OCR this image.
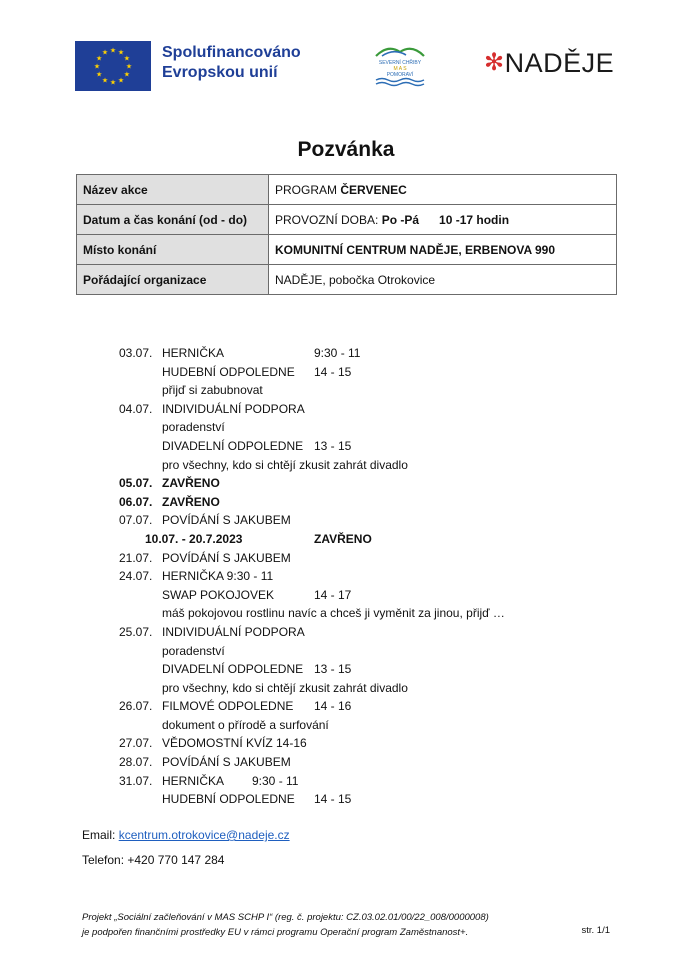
★ ★
★
★
★
★
★
★
★
★
★
★	Spolufinancováno
Evropskou unií
SEVERNÍ CHŘIBY
M A S
POMORAVÍ	✻NADĚJE
Pozvánka
Název akce	PROGRAM ČERVENEC
Datum a čas konání (od - do)	PROVOZNÍ DOBA: Po -Pá      10 -17 hodin
Místo konání	KOMUNITNÍ CENTRUM NADĚJE, ERBENOVA 990
Pořádající organizace	NADĚJE, pobočka Otrokovice
03.07. HERNIČKA	9:30 - 11
HUDEBNÍ ODPOLEDNE 14 - 15
přijď si zabubnovat
04.07. INDIVIDUÁLNÍ PODPORA
poradenství
DIVADELNÍ ODPOLEDNE 13 - 15
pro všechny, kdo si chtějí zkusit zahrát divadlo
05.07. ZAVŘENO
06.07. ZAVŘENO
07.07. POVÍDÁNÍ S JAKUBEM
10.07. - 20.7.2023	ZAVŘENO
21.07. POVÍDÁNÍ S JAKUBEM
24.07. HERNIČKA 9:30 - 11
SWAP POKOJOVEK	14 - 17
máš pokojovou rostlinu navíc a chceš ji vyměnit za jinou, přijď …
25.07. INDIVIDUÁLNÍ PODPORA
poradenství
DIVADELNÍ ODPOLEDNE 13 - 15
pro všechny, kdo si chtějí zkusit zahrát divadlo
26.07. FILMOVÉ ODPOLEDNE 14 - 16
dokument o přírodě a surfování
27.07. VĚDOMOSTNÍ KVÍZ 14-16
28.07. POVÍDÁNÍ S JAKUBEM
31.07. HERNIČKA 9:30 - 11
HUDEBNÍ ODPOLEDNE 14 - 15
Email: kcentrum.otrokovice@nadeje.cz
Telefon: +420 770 147 284
Projekt „Sociální začleňování v MAS SCHP I“ (reg. č. projektu: CZ.03.02.01/00/22_008/0000008)
je podpořen finančními prostředky EU v rámci programu Operační program Zaměstnanost+.	str. 1/1
